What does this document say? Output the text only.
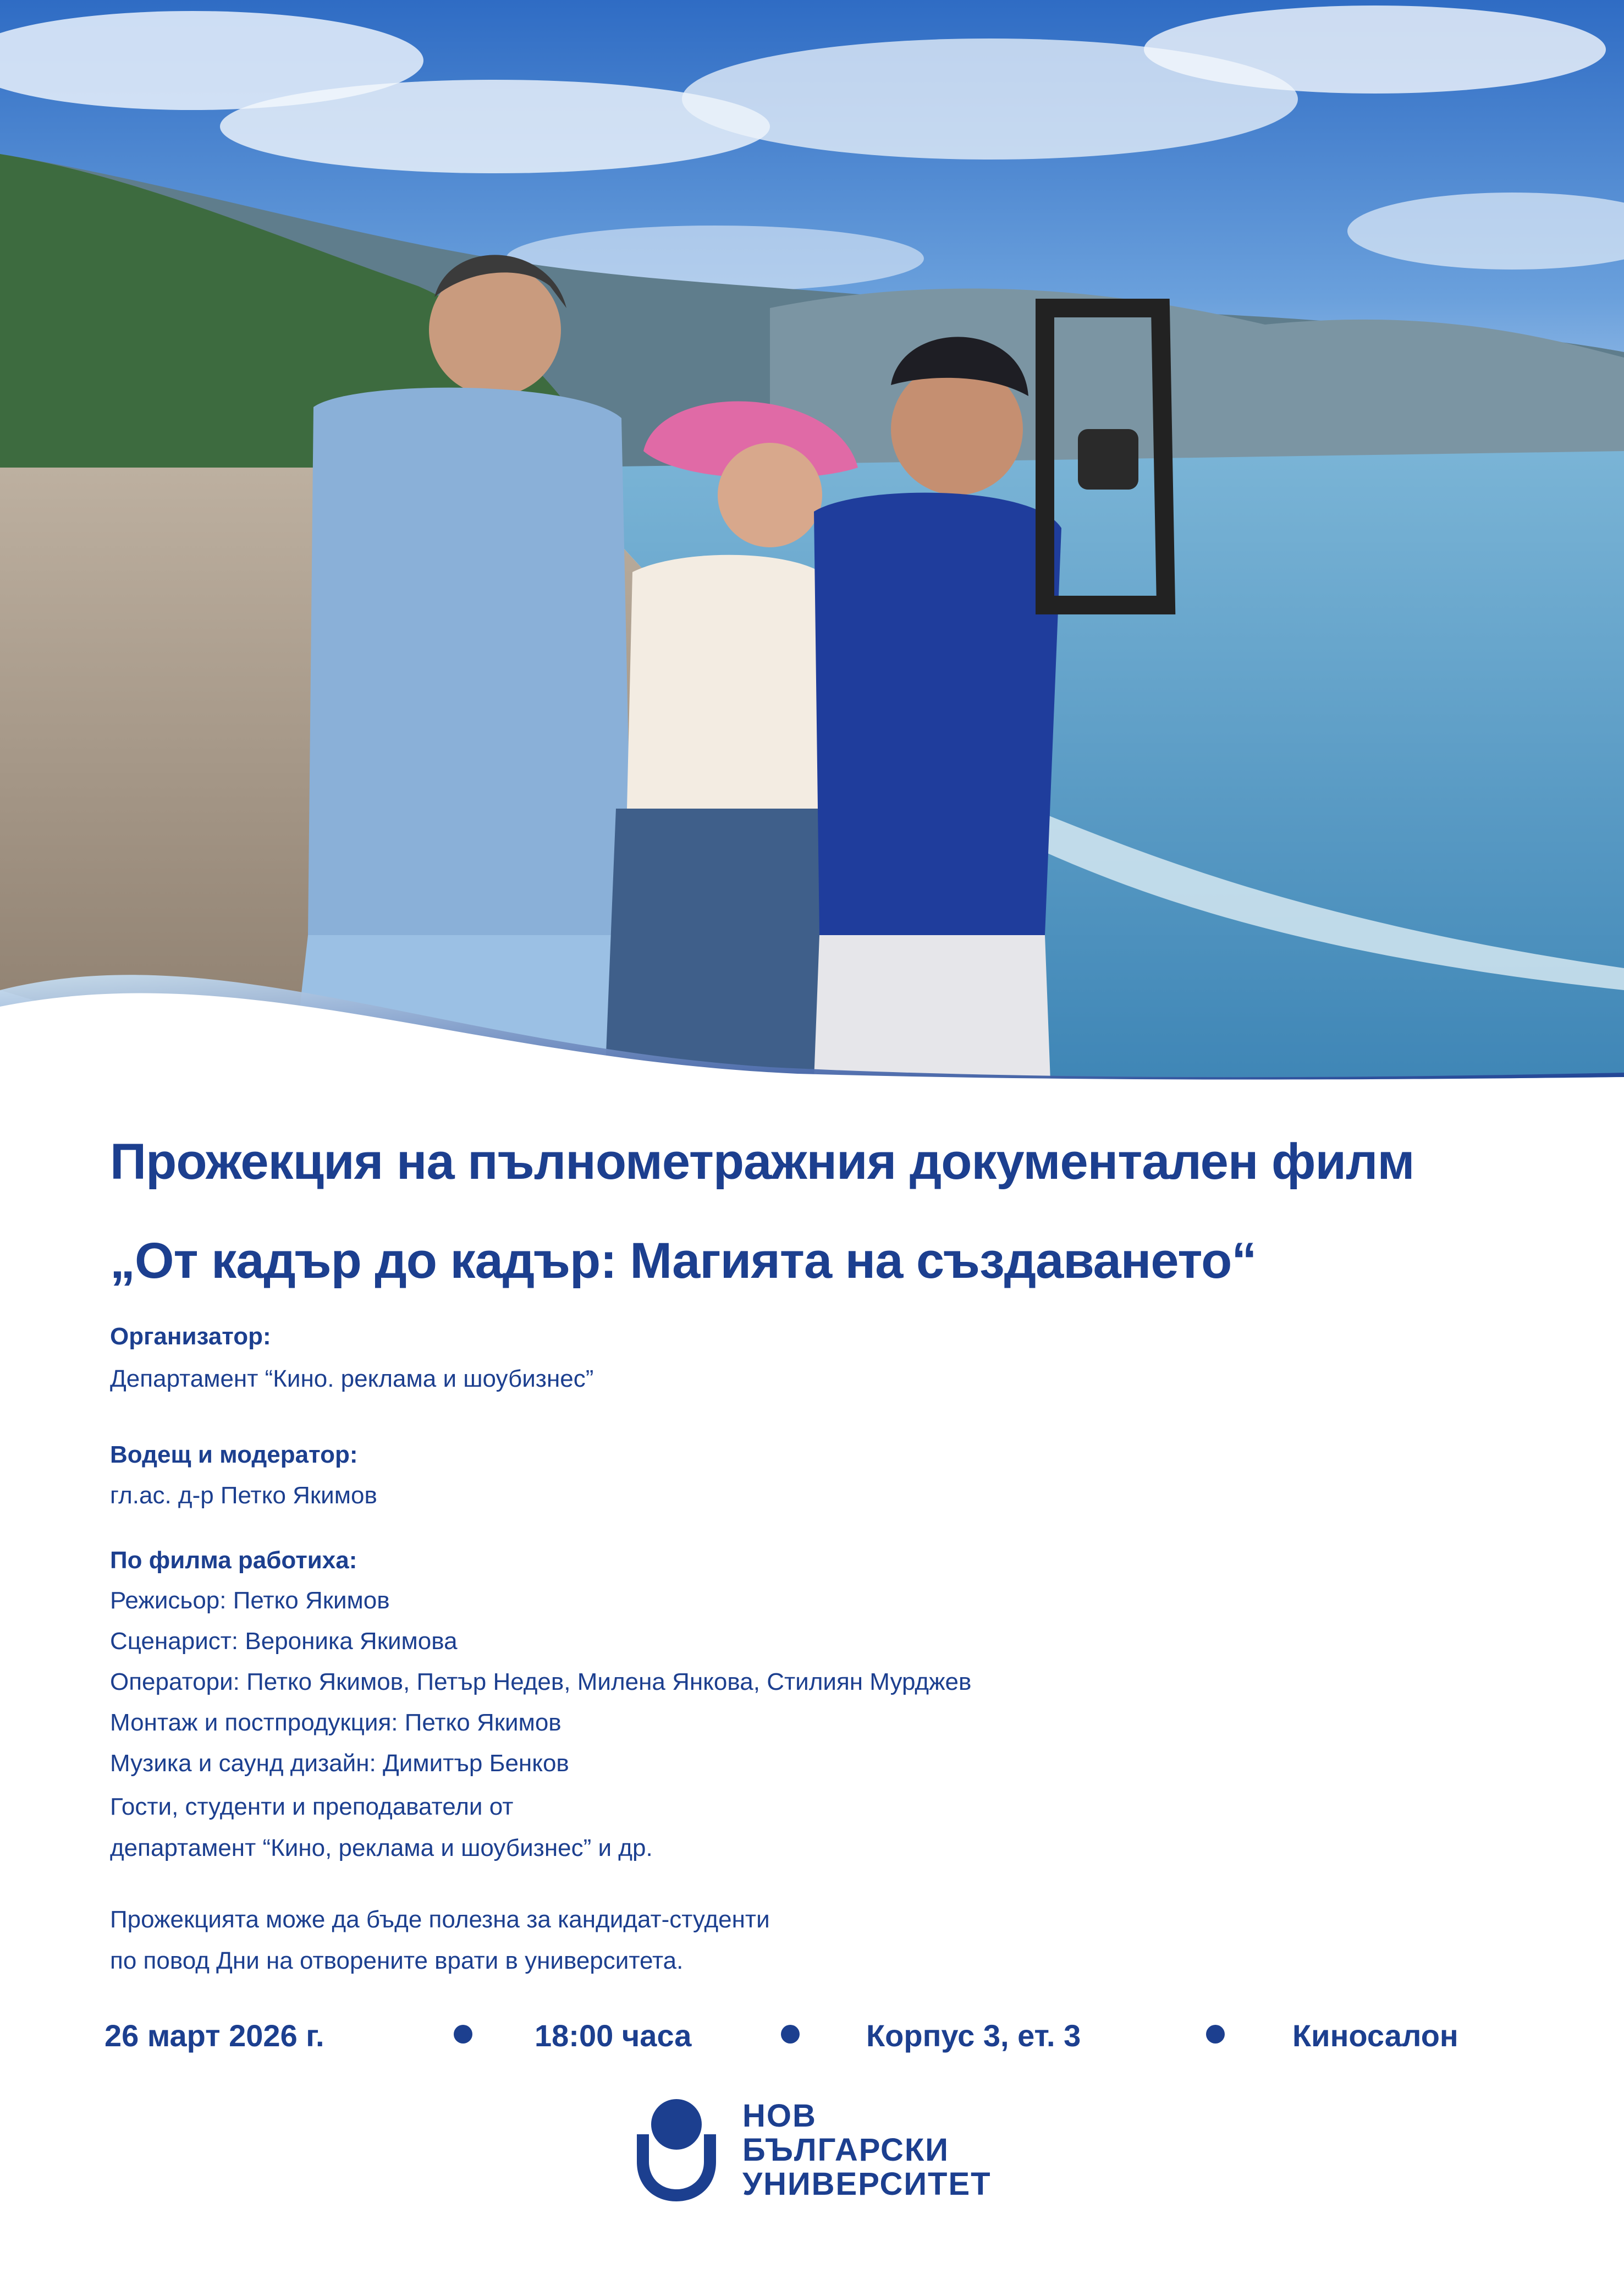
Прожекция на пълнометражния документален филм
„От кадър до кадър: Магията на създаването“
Организатор:
Департамент “Кино. реклама и шоубизнес”
Водещ и модератор:
гл.ас. д-р Петко Якимов
По филма работиха:
Режисьор: Петко Якимов
Сценарист: Вероника Якимова
Оператори: Петко Якимов, Петър Недев, Милена Янкова, Стилиян Мурджев
Монтаж и постпродукция: Петко Якимов
Музика и саунд дизайн: Димитър Бенков
Гости, студенти и преподаватели от
департамент “Кино, реклама и шоубизнес” и др.
Прожекцията може да бъде полезна за кандидат-студенти
по повод Дни на отворените врати в университета.
26 март 2026 г.	18:00 часа	Корпус 3, ет. 3	Киносалон
НОВ
БЪЛГАРСКИ
УНИВЕРСИТЕТ
